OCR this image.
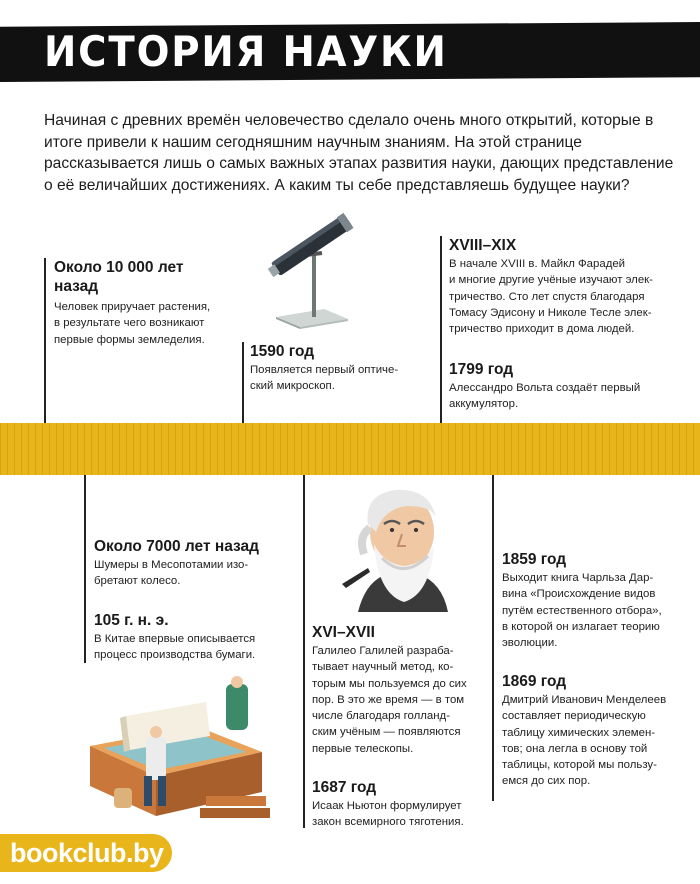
ИСТОРИЯ НАУКИ
Начиная с древних времён человечество сделало очень много открытий, которые в итоге привели к нашим сегодняшним научным знаниям. На этой странице рассказывается лишь о самых важных этапах развития науки, дающих представление о её величайших достижениях. А каким ты себе представляешь будущее науки?
Около 10 000 лет
назад
Человек приручает растения,
в результате чего возникают
первые формы земледелия.
1590 год
Появляется первый оптиче-
ский микроскоп.
XVIII–XIX
В начале XVIII в. Майкл Фарадей
и многие другие учёные изучают элек-
тричество. Сто лет спустя благодаря
Томасу Эдисону и Николе Тесле элек-
тричество приходит в дома людей.
1799 год
Алессандро Вольта создаёт первый
аккумулятор.
Около 7000 лет назад
Шумеры в Месопотамии изо-
бретают колесо.
105 г. н. э.
В Китае впервые описывается
процесс производства бумаги.
XVI–XVII
Галилео Галилей разраба-
тывает научный метод, ко-
торым мы пользуемся до сих
пор. В это же время — в том
числе благодаря голланд-
ским учёным — появляются
первые телескопы.
1687 год
Исаак Ньютон формулирует
закон всемирного тяготения.
1859 год
Выходит книга Чарльза Дар-
вина «Происхождение видов
путём естественного отбора»,
в которой он излагает теорию
эволюции.
1869 год
Дмитрий Иванович Менделеев
составляет периодическую
таблицу химических элемен-
тов; она легла в основу той
таблицы, которой мы пользу-
емся до сих пор.
bookclub.by
